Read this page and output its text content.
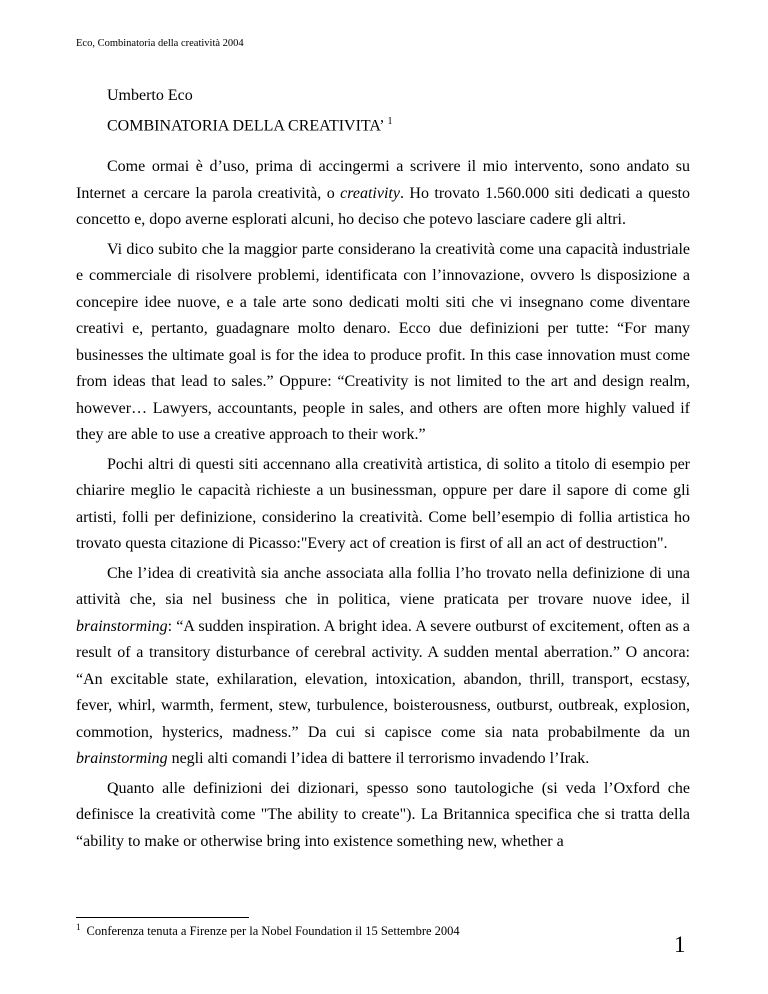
Eco, Combinatoria della creatività 2004
Umberto Eco
COMBINATORIA DELLA CREATIVITA’ $^1$

Come ormai è d’uso, prima di accingermi a scrivere il mio intervento, sono andato su Internet a cercare la parola creatività, o creativity. Ho trovato 1.560.000 siti dedicati a questo concetto e, dopo averne esplorati alcuni, ho deciso che potevo lasciare cadere gli altri.

Vi dico subito che la maggior parte considerano la creatività come una capacità industriale e commerciale di risolvere problemi, identificata con l’innovazione, ovvero ls disposizione a concepire idee nuove, e a tale arte sono dedicati molti siti che vi insegnano come diventare creativi e, pertanto, guadagnare molto denaro. Ecco due definizioni per tutte: “For many businesses the ultimate goal is for the idea to produce profit. In this case innovation must come from ideas that lead to sales.” Oppure: “Creativity is not limited to the art and design realm, however… Lawyers, accountants, people in sales, and others are often more highly valued if they are able to use a creative approach to their work.”

Pochi altri di questi siti accennano alla creatività artistica, di solito a titolo di esempio per chiarire meglio le capacità richieste a un businessman, oppure per dare il sapore di come gli artisti, folli per definizione, considerino la creatività. Come bell’esempio di follia artistica ho trovato questa citazione di Picasso:"Every act of creation is first of all an act of destruction".

Che l’idea di creatività sia anche associata alla follia l’ho trovato nella definizione di una attività che, sia nel business che in politica, viene praticata per trovare nuove idee, il brainstorming: “A sudden inspiration. A bright idea. A severe outburst of excitement, often as a result of a transitory disturbance of cerebral activity. A sudden mental aberration.” O ancora: “An excitable state, exhilaration, elevation, intoxication, abandon, thrill, transport, ecstasy, fever, whirl, warmth, ferment, stew, turbulence, boisterousness, outburst, outbreak, explosion, commotion, hysterics, madness.” Da cui si capisce come sia nata probabilmente da un brainstorming negli alti comandi l’idea di battere il terrorismo invadendo l’Irak.

Quanto alle definizioni dei dizionari, spesso sono tautologiche (si veda l’Oxford che definisce la creatività come "The ability to create"). La Britannica specifica che si tratta della “ability to make or otherwise bring into existence something new, whether a

$^1$ Conferenza tenuta a Firenze per la Nobel Foundation il 15 Settembre 2004
1
